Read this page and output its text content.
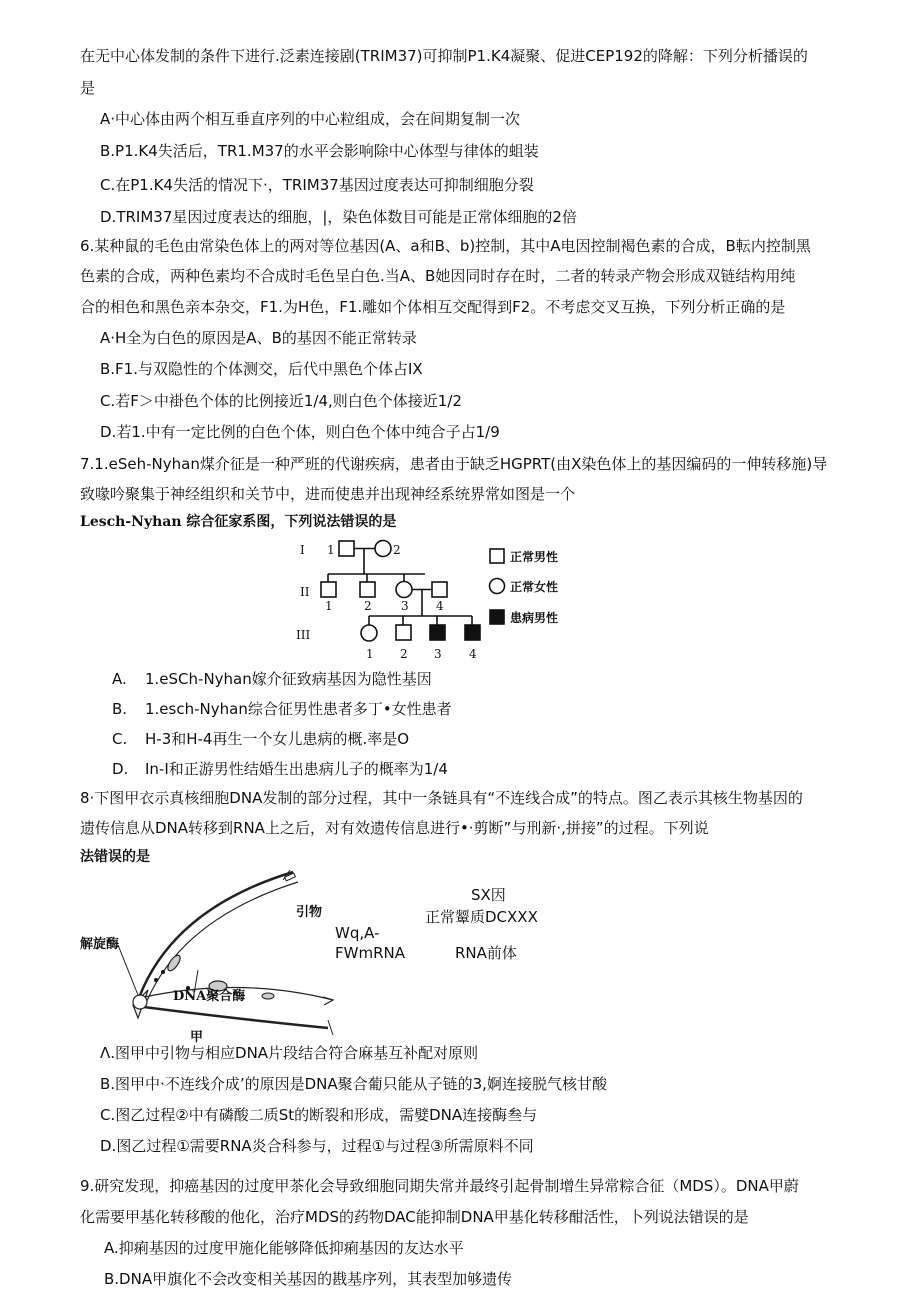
在无中心体发制的条件下进行.泛素连接剧(TRIM37)可抑制P1.K4凝聚、促进CEP192的降解：下列分析播误的
是
A·中心体由两个相互垂直序列的中心粒组成，会在间期复制一次
B.P1.K4失活后，TR1.M37的水平会影响除中心体型与律体的蛆装
C.在P1.K4失活的情况下·，TRIM37基因过度表达可抑制细胞分裂
D.TRIM37星因过度表达的细胞，|，染色体数目可能是正常体细胞的2倍
6.某种鼠的毛色由常染色体上的两对等位基因(A、a和B、b)控制，其中A电因控制褐色素的合成，B転内控制黑
色素的合成，两种色素均不合成时毛色呈白色.当A、B她因同时存在时，二者的转录产物会形成双链结构用纯
合的相色和黑色亲本杂交，F1.为H色，F1.雕如个体相互交配得到F2。不考虑交叉互换，下列分析正确的是
A·H全为白色的原因是A、B的基因不能正常转录
B.F1.与双隐性的个体测交，后代中黑色个体占IX
C.若F＞中褂色个体的比例接近1/4,则白色个体接近1/2
D.若1.中有一定比例的白色个体，则白色个体中纯合子占1/9
7.1.eSeh-Nyhan煤介征是一种严班的代谢疾病，患者由于缺乏HGPRT(由X染色体上的基因编码的一伸转移施)导
致喙吟聚集于神经组织和关节中，进而使患并出现神经系统界常如图是一个
Lesch-Nyhan 综合征家系图，下列说法错误的是
I
II
III
1	2
1	2 3 4
1 2 3 4
正常男性
正常女性
患病男性
A. 1.eSCh-Nyhan嫁介征致病基因为隐性基因
B. 1.esch-Nyhan综合征男性患者多丁•女性患者
C. H-3和H-4再生一个女儿患病的概.率是O
D. In-I和正游男性结婚生出患病儿子的概率为1/4
8·下图甲衣示真核细胞DNA发制的部分过程，其中一条链具有“不连线合成”的特点。图乙表示其核生物基因的
遗传信息从DNA转移到RNA上之后，对有效遗传信息进行•·剪断”与刑新·,拼接”的过程。下列说
法错误的是
引物
解旋酶
DNA聚合酶
甲
SX因
正常颦质DCXXX
Wq,A-
FWmRNA	RNA前体
Λ.图甲中引物与相应DNA片段结合符合麻基互补配对原则
B.图甲中·不连线介成’的原因是DNA聚合葡只能从子链的3,婀连接脱气核甘酸
C.图乙过程②中有磷酸二质St的断裂和形成，需嬖DNA连接酶叁与
D.图乙过程①需要RNA炎合科参与，过程①与过程③所需原料不同
9.研究发现，抑癌基因的过度甲茶化会导致细胞同期失常并最终引起骨制增生异常粽合征（MDS）。DNA甲蔚
化需要甲基化转移酸的他化，治疗MDS的药物DAC能抑制DNA甲基化转移酣活性，卜列说法错误的是
A.抑痢基因的过度甲施化能够降低抑痢基因的友达水平
B.DNA甲旗化不会改变相关基因的戡基序列，其表型加够遗传
